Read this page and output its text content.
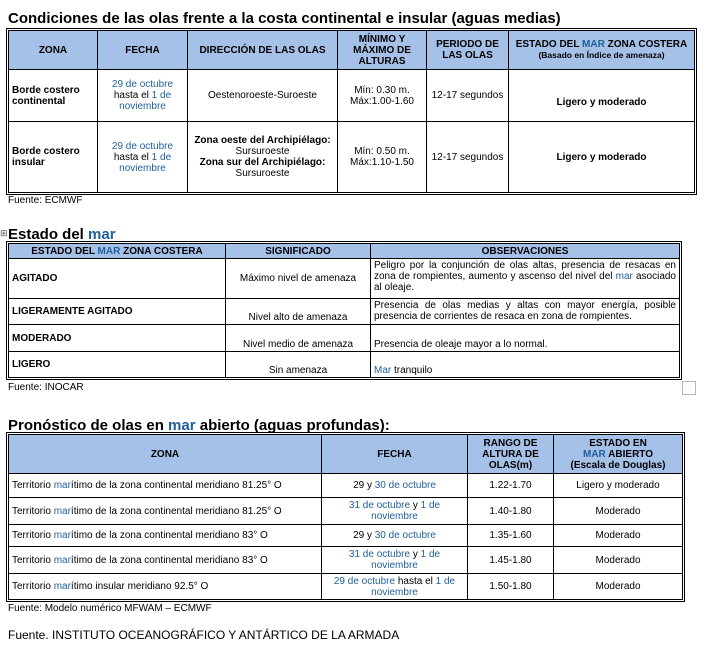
Condiciones de las olas frente a la costa continental e insular (aguas medias)
ZONA	FECHA	DIRECCIÓN DE LAS OLAS	MÍNIMO Y MÁXIMO DE ALTURAS	PERIODO DE LAS OLAS	ESTADO DEL MAR ZONA COSTERA
(Basado en Índice de amenaza)
Borde costero continental	29 de octubre hasta el 1 de noviembre	Oestenoroeste-Suroeste	Mín: 0.30 m.
Máx:1.00-1.60	12-17 segundos	Ligero y moderado
Borde costero insular	29 de octubre hasta el 1 de noviembre	Zona oeste del Archipiélago:
Sursuroeste
Zona sur del Archipiélago:
Sursuroeste	Mín: 0.50 m.
Máx:1.10-1.50	12-17 segundos	Ligero y moderado

Fuente: ECMWF

⊞ Estado del mar
ESTADO DEL MAR ZONA COSTERA	SIGNIFICADO	OBSERVACIONES
AGITADO	Máximo nivel de amenaza	Peligro por la conjunción de olas altas, presencia de resacas en zona de rompientes, aumento y ascenso del nivel del mar asociado al oleaje.
LIGERAMENTE AGITADO	Nivel alto de amenaza	Presencia de olas medias y altas con mayor energía, posible presencia de corrientes de resaca en zona de rompientes.
MODERADO	Nivel medio de amenaza	Presencia de oleaje mayor a lo normal.
LIGERO	Sin amenaza	Mar tranquilo

Fuente: INOCAR

Pronóstico de olas en mar abierto (aguas profundas):
ZONA	FECHA	RANGO DE ALTURA DE OLAS(m)	ESTADO EN
MAR ABIERTO
(Escala de Douglas)
Territorio marítimo de la zona continental meridiano 81.25° O	29 y 30 de octubre	1.22-1.70	Ligero y moderado
Territorio marítimo de la zona continental meridiano 81.25° O	31 de octubre y 1 de noviembre	1.40-1.80	Moderado
Territorio marítimo de la zona continental meridiano 83° O	29 y 30 de octubre	1.35-1.60	Moderado
Territorio marítimo de la zona continental meridiano 83° O	31 de octubre y 1 de noviembre	1.45-1.80	Moderado
Territorio marítimo insular meridiano 92.5° O	29 de octubre hasta el 1 de noviembre	1.50-1.80	Moderado

Fuente: Modelo numérico MFWAM – ECMWF

Fuente. INSTITUTO OCEANOGRÁFICO Y ANTÁRTICO DE LA ARMADA
